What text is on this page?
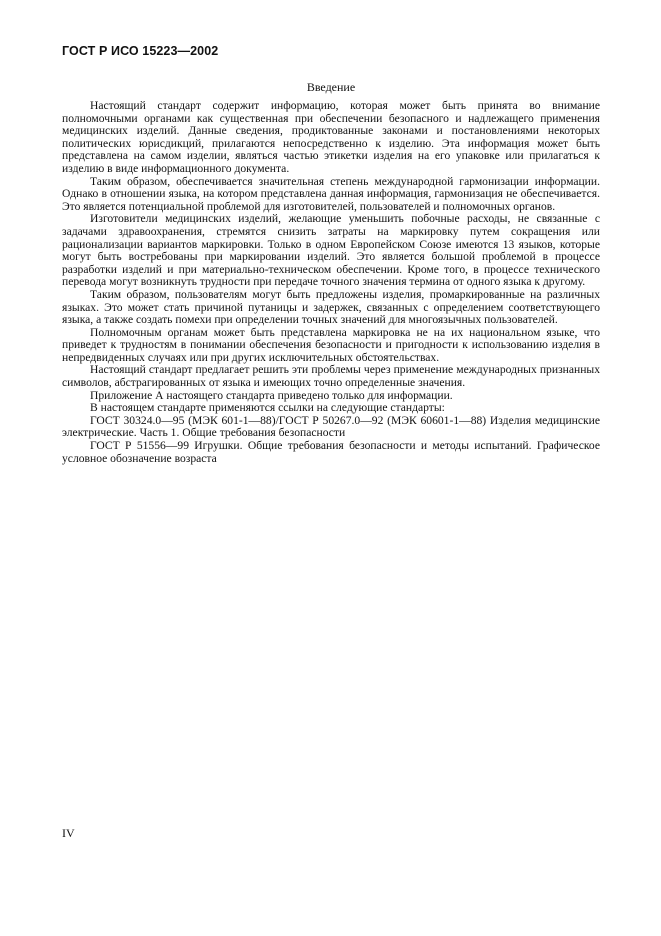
ГОСТ Р ИСО 15223—2002
Введение

Настоящий стандарт содержит информацию, которая может быть принята во внимание полномочными органами как существенная при обеспечении безопасного и надлежащего применения медицинских изделий. Данные сведения, продиктованные законами и постановлениями некоторых политических юрисдикций, прилагаются непосредственно к изделию. Эта информация может быть представлена на самом изделии, являться частью этикетки изделия на его упаковке или прилагаться к изделию в виде информационного документа.

Таким образом, обеспечивается значительная степень международной гармонизации информации. Однако в отношении языка, на котором представлена данная информация, гармонизация не обеспечивается. Это является потенциальной проблемой для изготовителей, пользователей и полномочных органов.

Изготовители медицинских изделий, желающие уменьшить побочные расходы, не связанные с задачами здравоохранения, стремятся снизить затраты на маркировку путем сокращения или рационализации вариантов маркировки. Только в одном Европейском Союзе имеются 13 языков, которые могут быть востребованы при маркировании изделий. Это является большой проблемой в процессе разработки изделий и при материально-техническом обеспечении. Кроме того, в процессе технического перевода могут возникнуть трудности при передаче точного значения термина от одного языка к другому.

Таким образом, пользователям могут быть предложены изделия, промаркированные на различных языках. Это может стать причиной путаницы и задержек, связанных с определением соответствующего языка, а также создать помехи при определении точных значений для многоязычных пользователей.

Полномочным органам может быть представлена маркировка не на их национальном языке, что приведет к трудностям в понимании обеспечения безопасности и пригодности к использованию изделия в непредвиденных случаях или при других исключительных обстоятельствах.

Настоящий стандарт предлагает решить эти проблемы через применение международных признанных символов, абстрагированных от языка и имеющих точно определенные значения.

Приложение А настоящего стандарта приведено только для информации.

В настоящем стандарте применяются ссылки на следующие стандарты:

ГОСТ 30324.0—95 (МЭК 601-1—88)/ГОСТ Р 50267.0—92 (МЭК 60601-1—88) Изделия медицинские электрические. Часть 1. Общие требования безопасности

ГОСТ Р 51556—99 Игрушки. Общие требования безопасности и методы испытаний. Графическое условное обозначение возраста

IV
